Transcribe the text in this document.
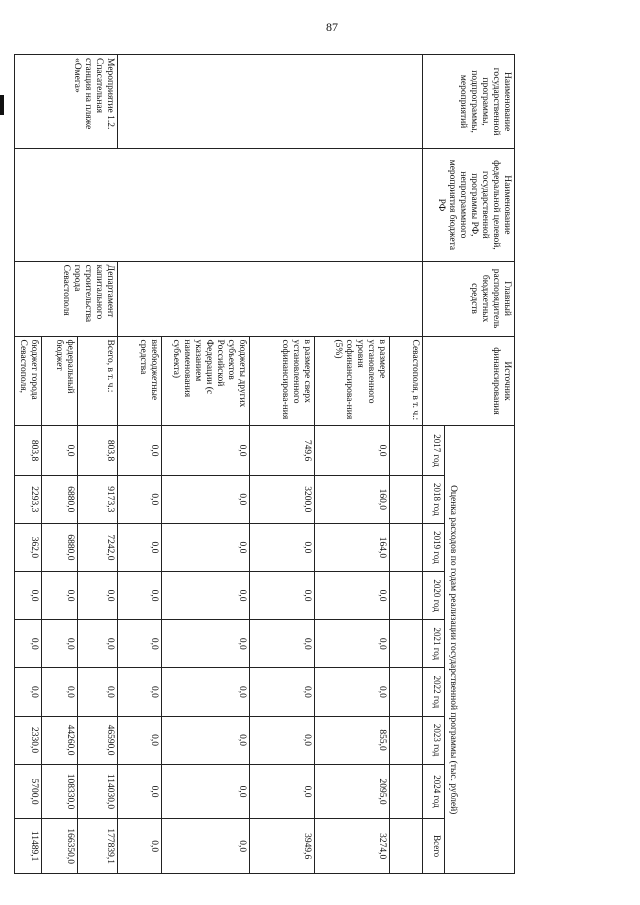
87
Наименование государственной программы, подпрограммы, мероприятий	Наименование федеральной целевой, государственной программы РФ, непрограммного мероприятия бюджета РФ	Главный распорядитель бюджетных средств	Источник финансирования	Оценка расходов по годам реализации государственной программы (тыс. рублей)								
				2017 год	2018 год	2019 год	2020 год	2021 год	2022 год	2023 год	2024 год	Всего
			Севастополя, в т. ч.:									
			в размере установленного уровня софинансирова-ния (5%)	0,0	160,0	164,0	0,0	0,0	0,0	855,0	2095,0	3274,0
			в размере сверх установленного софинансирова-ния	749,6	3200,0	0,0	0,0	0,0	0,0	0,0	0,0	3949,6
			бюджеты других субъектов Российской Федерации (с указанием наименования субъекта)	0,0	0,0	0,0	0,0	0,0	0,0	0,0	0,0	0,0
			внебюджетные средства	0,0	0,0	0,0	0,0	0,0	0,0	0,0	0,0	0,0
Мероприятие 1.2. Спасательная станция на пляже «Омега»		Департамент капитального строительства города Севастополя	Всего, в т. ч.:	803,8	9173,3	7242,0	0,0	0,0	0,0	46590,0	114030,0	177839,1
			федеральный бюджет	0,0	6880,0	6880,0	0,0	0,0	0,0	44260,0	108330,0	166350,0
			бюджет города Севастополя,	803,8	2293,3	362,0	0,0	0,0	0,0	2330,0	5700,0	11489,1
